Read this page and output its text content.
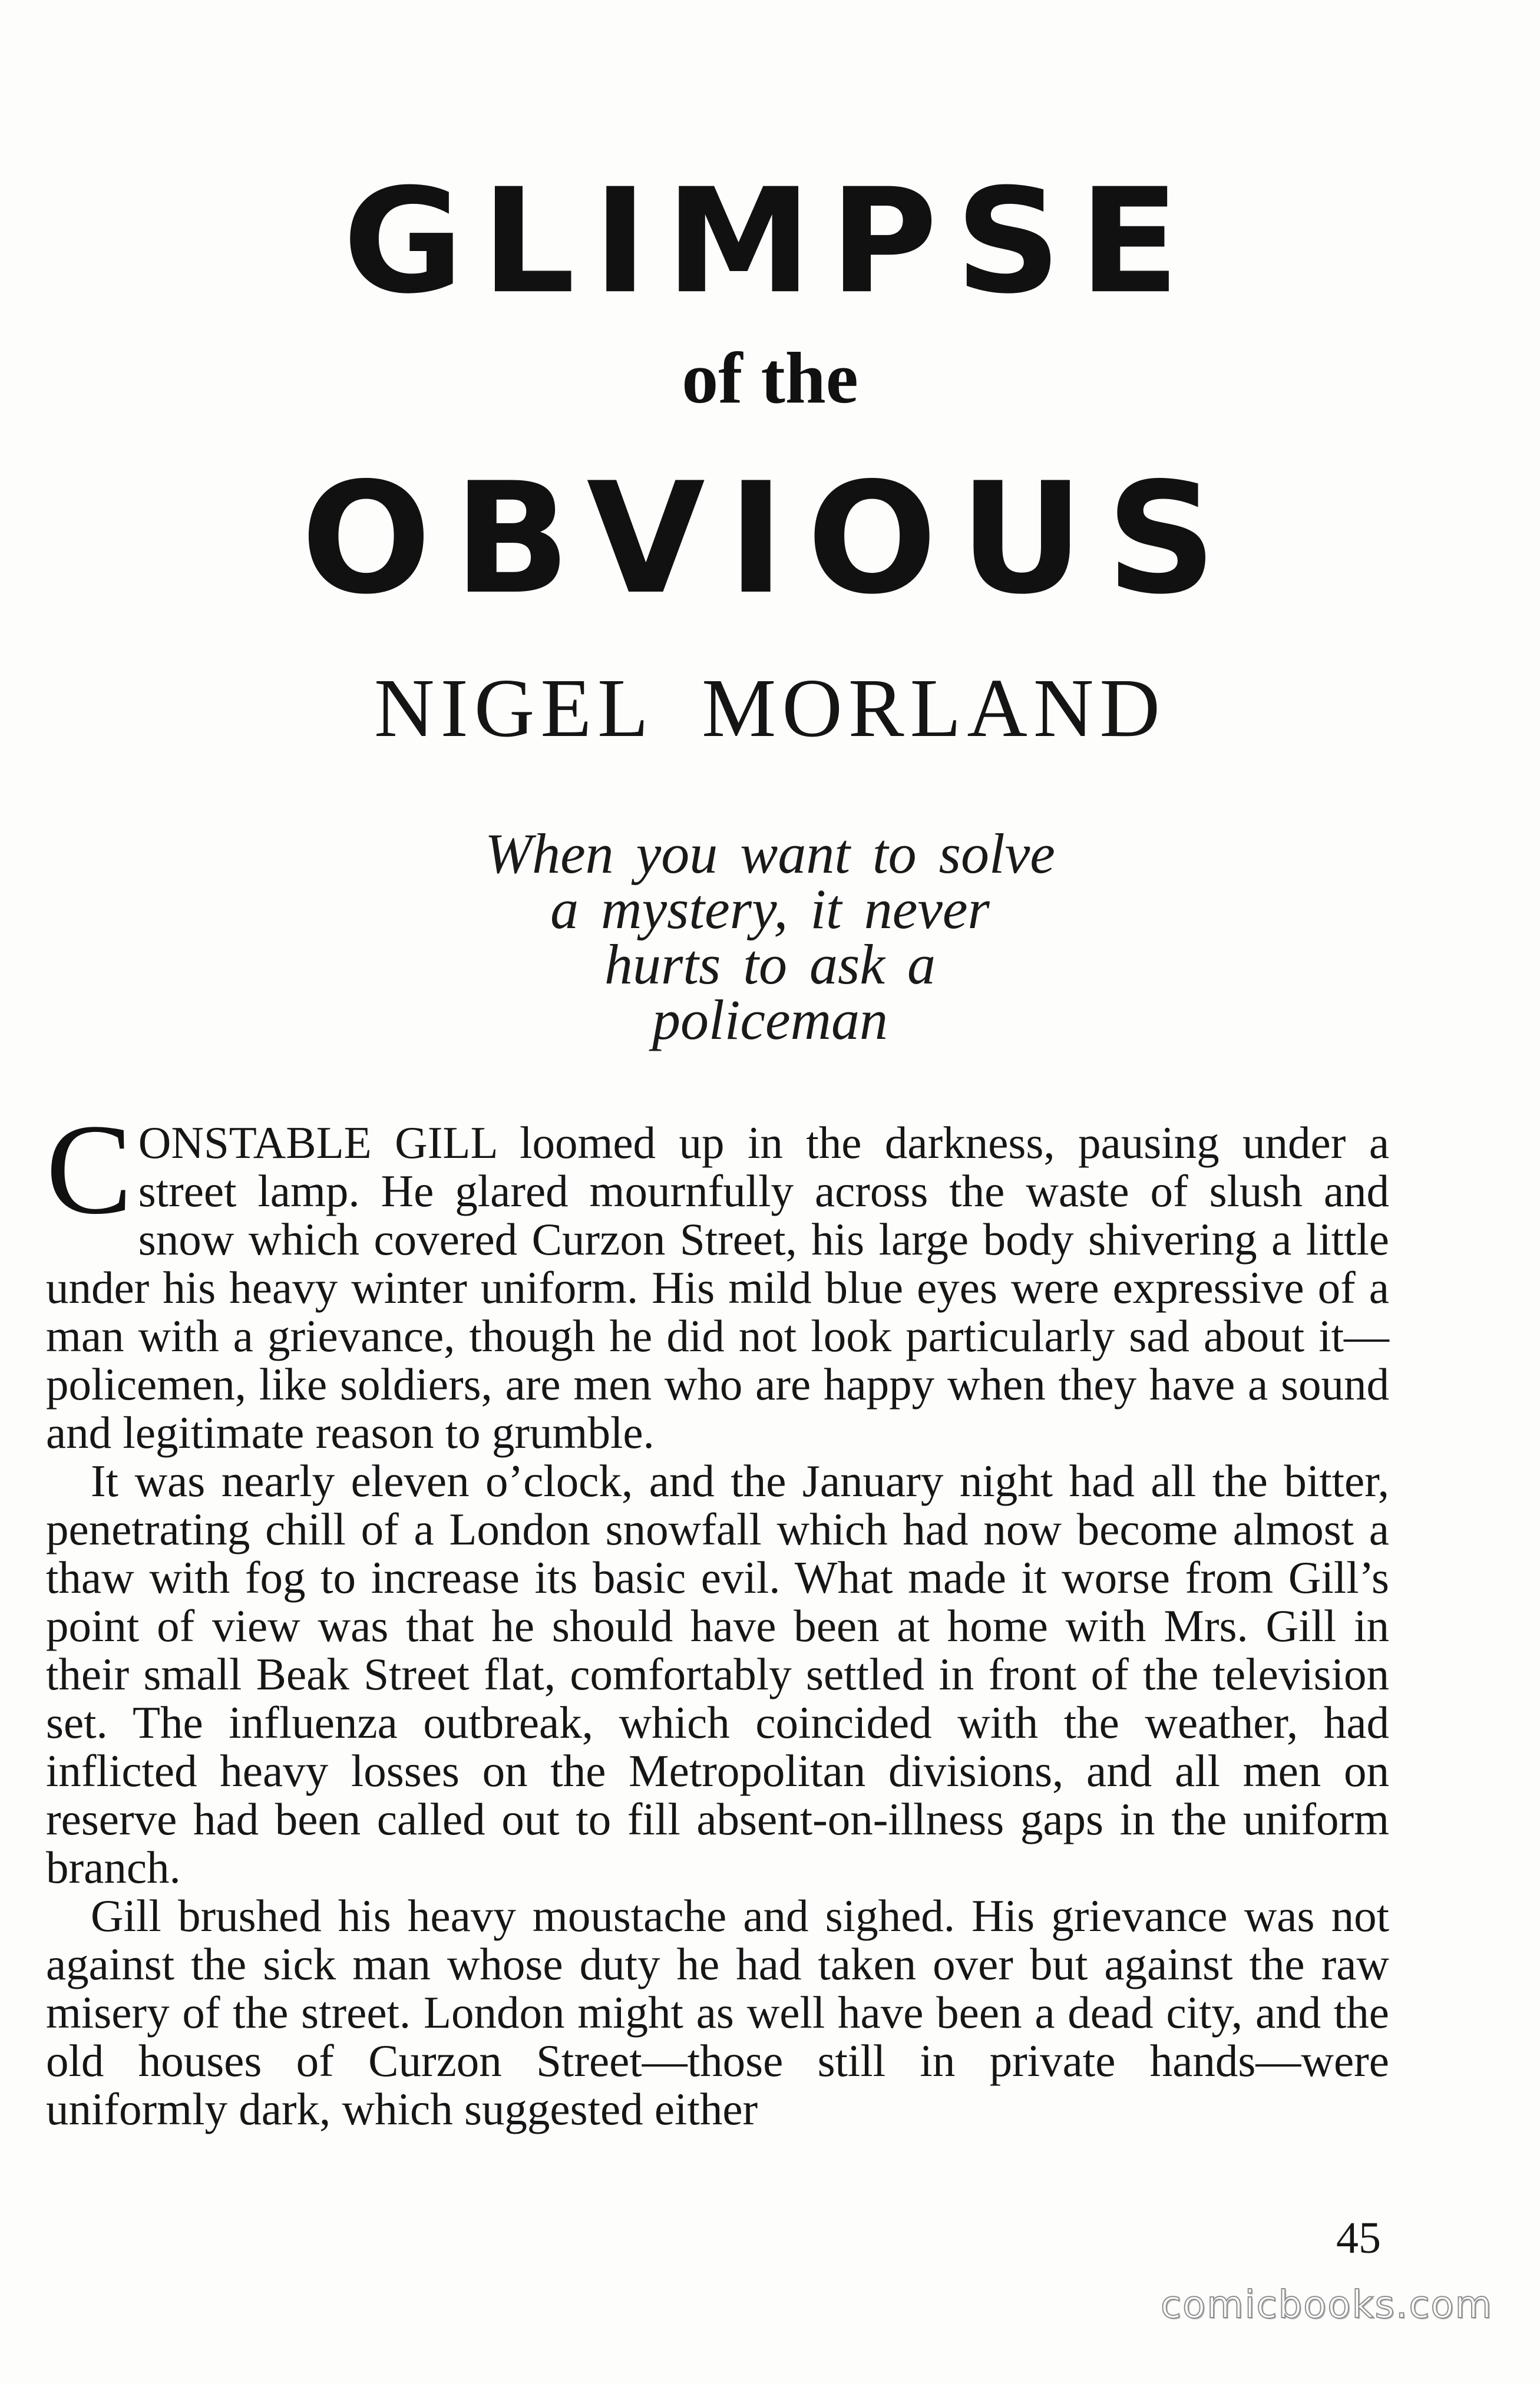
GLIMPSE
of the
OBVIOUS
NIGEL MORLAND
When you want to solve
a mystery, it never
hurts to ask a
policeman

CONSTABLE GILL loomed up in the darkness, pausing under a street lamp. He glared mournfully across the waste of slush and snow which covered Curzon Street, his large body shivering a little under his heavy winter uniform. His mild blue eyes were expressive of a man with a grievance, though he did not look particularly sad about it—policemen, like soldiers, are men who are happy when they have a sound and legitimate reason to grumble.

It was nearly eleven o’clock, and the January night had all the bitter, penetrating chill of a London snowfall which had now become almost a thaw with fog to increase its basic evil. What made it worse from Gill’s point of view was that he should have been at home with Mrs. Gill in their small Beak Street flat, comfortably settled in front of the television set. The influenza outbreak, which coincided with the weather, had inflicted heavy losses on the Metropolitan divisions, and all men on reserve had been called out to fill absent-on-illness gaps in the uniform branch.

Gill brushed his heavy moustache and sighed. His grievance was not against the sick man whose duty he had taken over but against the raw misery of the street. London might as well have been a dead city, and the old houses of Curzon Street—those still in private hands—were uniformly dark, which suggested either

45
comicbooks.com
